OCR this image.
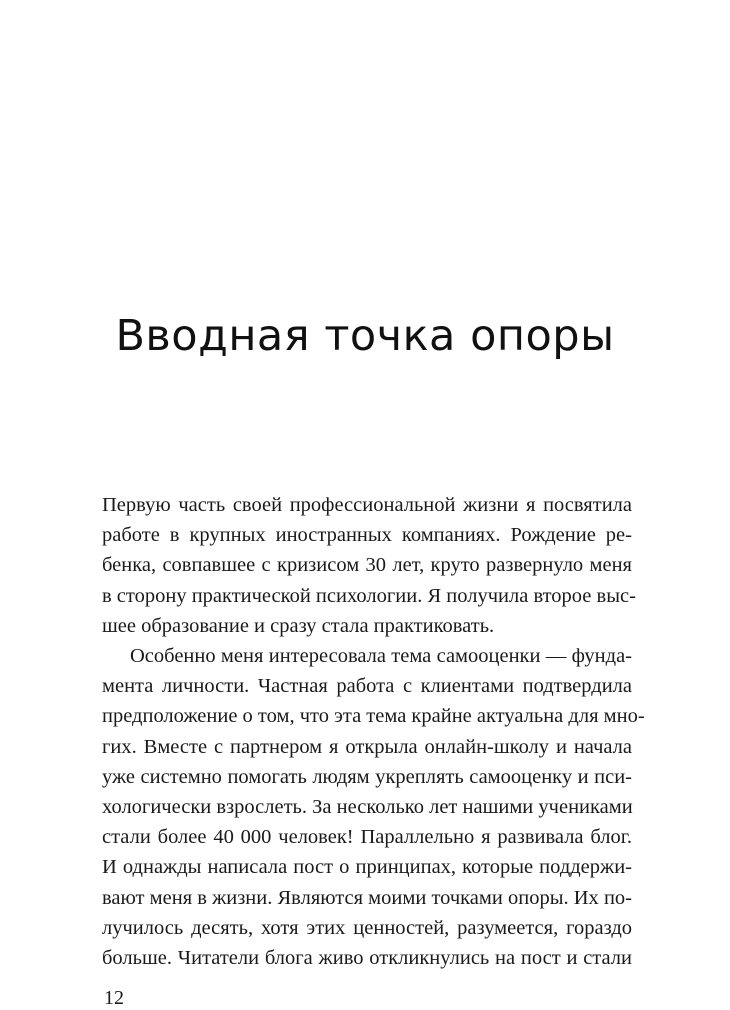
Вводная точка опоры
Первую часть своей профессиональной жизни я посвятила
работе в крупных иностранных компаниях. Рождение ре-
бенка, совпавшее с кризисом 30 лет, круто развернуло меня
в сторону практической психологии. Я получила второе выс-
шее образование и сразу стала практиковать.
Особенно меня интересовала тема самооценки — фунда-
мента личности. Частная работа с клиентами подтвердила
предположение о том, что эта тема крайне актуальна для мно-
гих. Вместе с партнером я открыла онлайн-школу и начала
уже системно помогать людям укреплять самооценку и пси-
хологически взрослеть. За несколько лет нашими учениками
стали более 40 000 человек! Параллельно я развивала блог.
И однажды написала пост о принципах, которые поддержи-
вают меня в жизни. Являются моими точками опоры. Их по-
лучилось десять, хотя этих ценностей, разумеется, гораздо
больше. Читатели блога живо откликнулись на пост и стали
12
